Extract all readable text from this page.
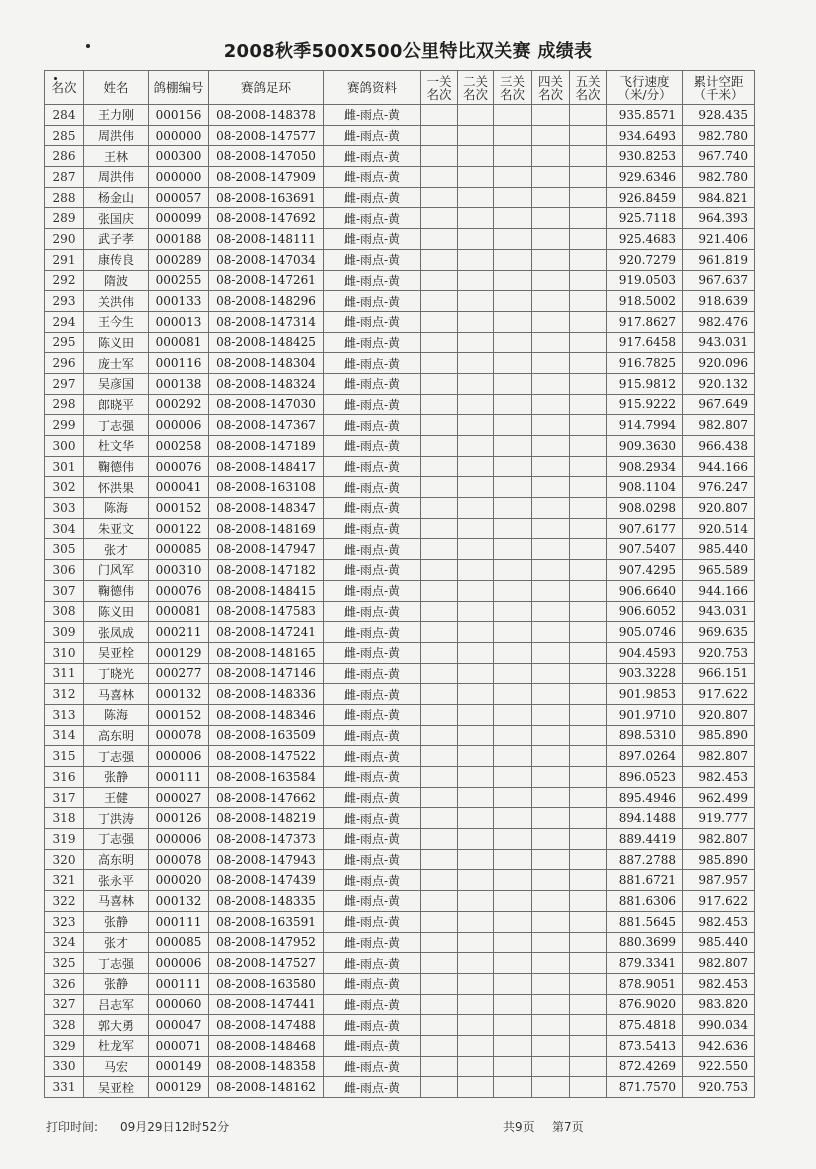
2008秋季500X500公里特比双关赛 成绩表
名次	姓名	鸽棚编号	赛鸽足环	赛鸽资料	一关名次	二关名次	三关名次	四关名次	五关名次	飞行速度（米/分）	累计空距（千米）
284	王力刚	000156	08-2008-148378	雌-雨点-黄						935.8571	928.435
285	周洪伟	000000	08-2008-147577	雌-雨点-黄						934.6493	982.780
286	王林	000300	08-2008-147050	雌-雨点-黄						930.8253	967.740
287	周洪伟	000000	08-2008-147909	雌-雨点-黄						929.6346	982.780
288	杨金山	000057	08-2008-163691	雌-雨点-黄						926.8459	984.821
289	张国庆	000099	08-2008-147692	雌-雨点-黄						925.7118	964.393
290	武子孝	000188	08-2008-148111	雌-雨点-黄						925.4683	921.406
291	康传良	000289	08-2008-147034	雌-雨点-黄						920.7279	961.819
292	隋波	000255	08-2008-147261	雌-雨点-黄						919.0503	967.637
293	关洪伟	000133	08-2008-148296	雌-雨点-黄						918.5002	918.639
294	王今生	000013	08-2008-147314	雌-雨点-黄						917.8627	982.476
295	陈义田	000081	08-2008-148425	雌-雨点-黄						917.6458	943.031
296	庞士军	000116	08-2008-148304	雌-雨点-黄						916.7825	920.096
297	吴彦国	000138	08-2008-148324	雌-雨点-黄						915.9812	920.132
298	郎晓平	000292	08-2008-147030	雌-雨点-黄						915.9222	967.649
299	丁志强	000006	08-2008-147367	雌-雨点-黄						914.7994	982.807
300	杜文华	000258	08-2008-147189	雌-雨点-黄						909.3630	966.438
301	鞠德伟	000076	08-2008-148417	雌-雨点-黄						908.2934	944.166
302	怀洪果	000041	08-2008-163108	雌-雨点-黄						908.1104	976.247
303	陈海	000152	08-2008-148347	雌-雨点-黄						908.0298	920.807
304	朱亚文	000122	08-2008-148169	雌-雨点-黄						907.6177	920.514
305	张才	000085	08-2008-147947	雌-雨点-黄						907.5407	985.440
306	门风军	000310	08-2008-147182	雌-雨点-黄						907.4295	965.589
307	鞠德伟	000076	08-2008-148415	雌-雨点-黄						906.6640	944.166
308	陈义田	000081	08-2008-147583	雌-雨点-黄						906.6052	943.031
309	张凤成	000211	08-2008-147241	雌-雨点-黄						905.0746	969.635
310	吴亚栓	000129	08-2008-148165	雌-雨点-黄						904.4593	920.753
311	丁晓光	000277	08-2008-147146	雌-雨点-黄						903.3228	966.151
312	马喜林	000132	08-2008-148336	雌-雨点-黄						901.9853	917.622
313	陈海	000152	08-2008-148346	雌-雨点-黄						901.9710	920.807
314	高东明	000078	08-2008-163509	雌-雨点-黄						898.5310	985.890
315	丁志强	000006	08-2008-147522	雌-雨点-黄						897.0264	982.807
316	张静	000111	08-2008-163584	雌-雨点-黄						896.0523	982.453
317	王健	000027	08-2008-147662	雌-雨点-黄						895.4946	962.499
318	丁洪涛	000126	08-2008-148219	雌-雨点-黄						894.1488	919.777
319	丁志强	000006	08-2008-147373	雌-雨点-黄						889.4419	982.807
320	高东明	000078	08-2008-147943	雌-雨点-黄						887.2788	985.890
321	张永平	000020	08-2008-147439	雌-雨点-黄						881.6721	987.957
322	马喜林	000132	08-2008-148335	雌-雨点-黄						881.6306	917.622
323	张静	000111	08-2008-163591	雌-雨点-黄						881.5645	982.453
324	张才	000085	08-2008-147952	雌-雨点-黄						880.3699	985.440
325	丁志强	000006	08-2008-147527	雌-雨点-黄						879.3341	982.807
326	张静	000111	08-2008-163580	雌-雨点-黄						878.9051	982.453
327	吕志军	000060	08-2008-147441	雌-雨点-黄						876.9020	983.820
328	郭大勇	000047	08-2008-147488	雌-雨点-黄						875.4818	990.034
329	杜龙军	000071	08-2008-148468	雌-雨点-黄						873.5413	942.636
330	马宏	000149	08-2008-148358	雌-雨点-黄						872.4269	922.550
331	吴亚栓	000129	08-2008-148162	雌-雨点-黄						871.7570	920.753
打印时间: 09月29日12时52分	共9页 第7页
